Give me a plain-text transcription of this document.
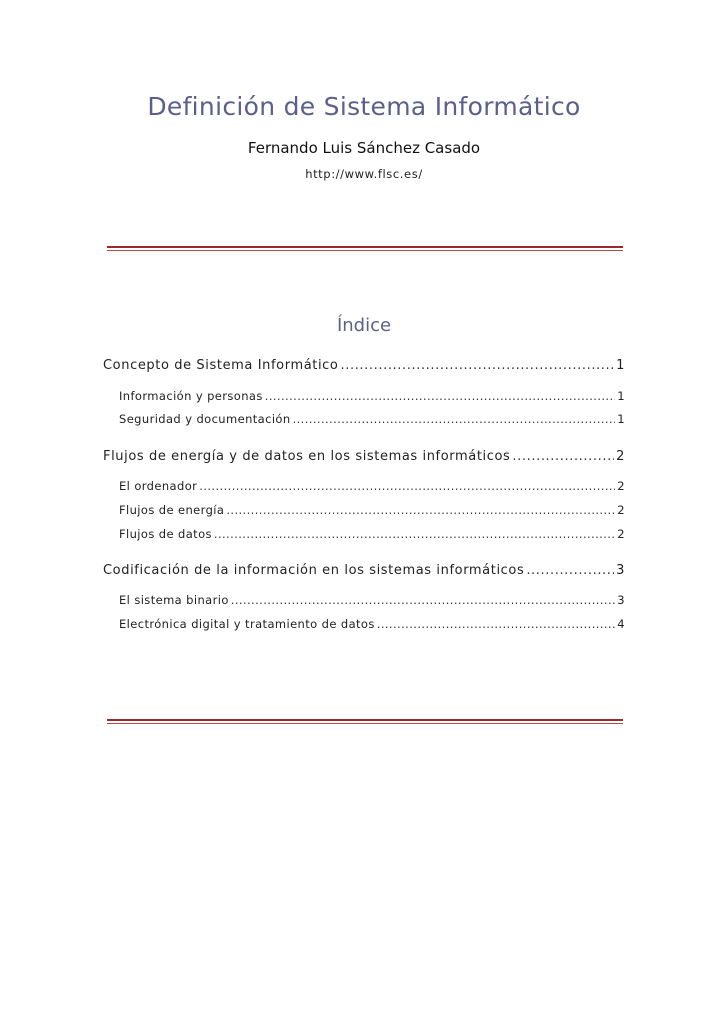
Definición de Sistema Informático
Fernando Luis Sánchez Casado
http://www.flsc.es/
Índice
Concepto de Sistema Informático .....	1
Información y personas .....	1
Seguridad y documentación .....	1
Flujos de energía y de datos en los sistemas informáticos .....	2
El ordenador .....	2
Flujos de energía .....	2
Flujos de datos .....	2
Codificación de la información en los sistemas informáticos .....	3
El sistema binario .....	3
Electrónica digital y tratamiento de datos .....	4
